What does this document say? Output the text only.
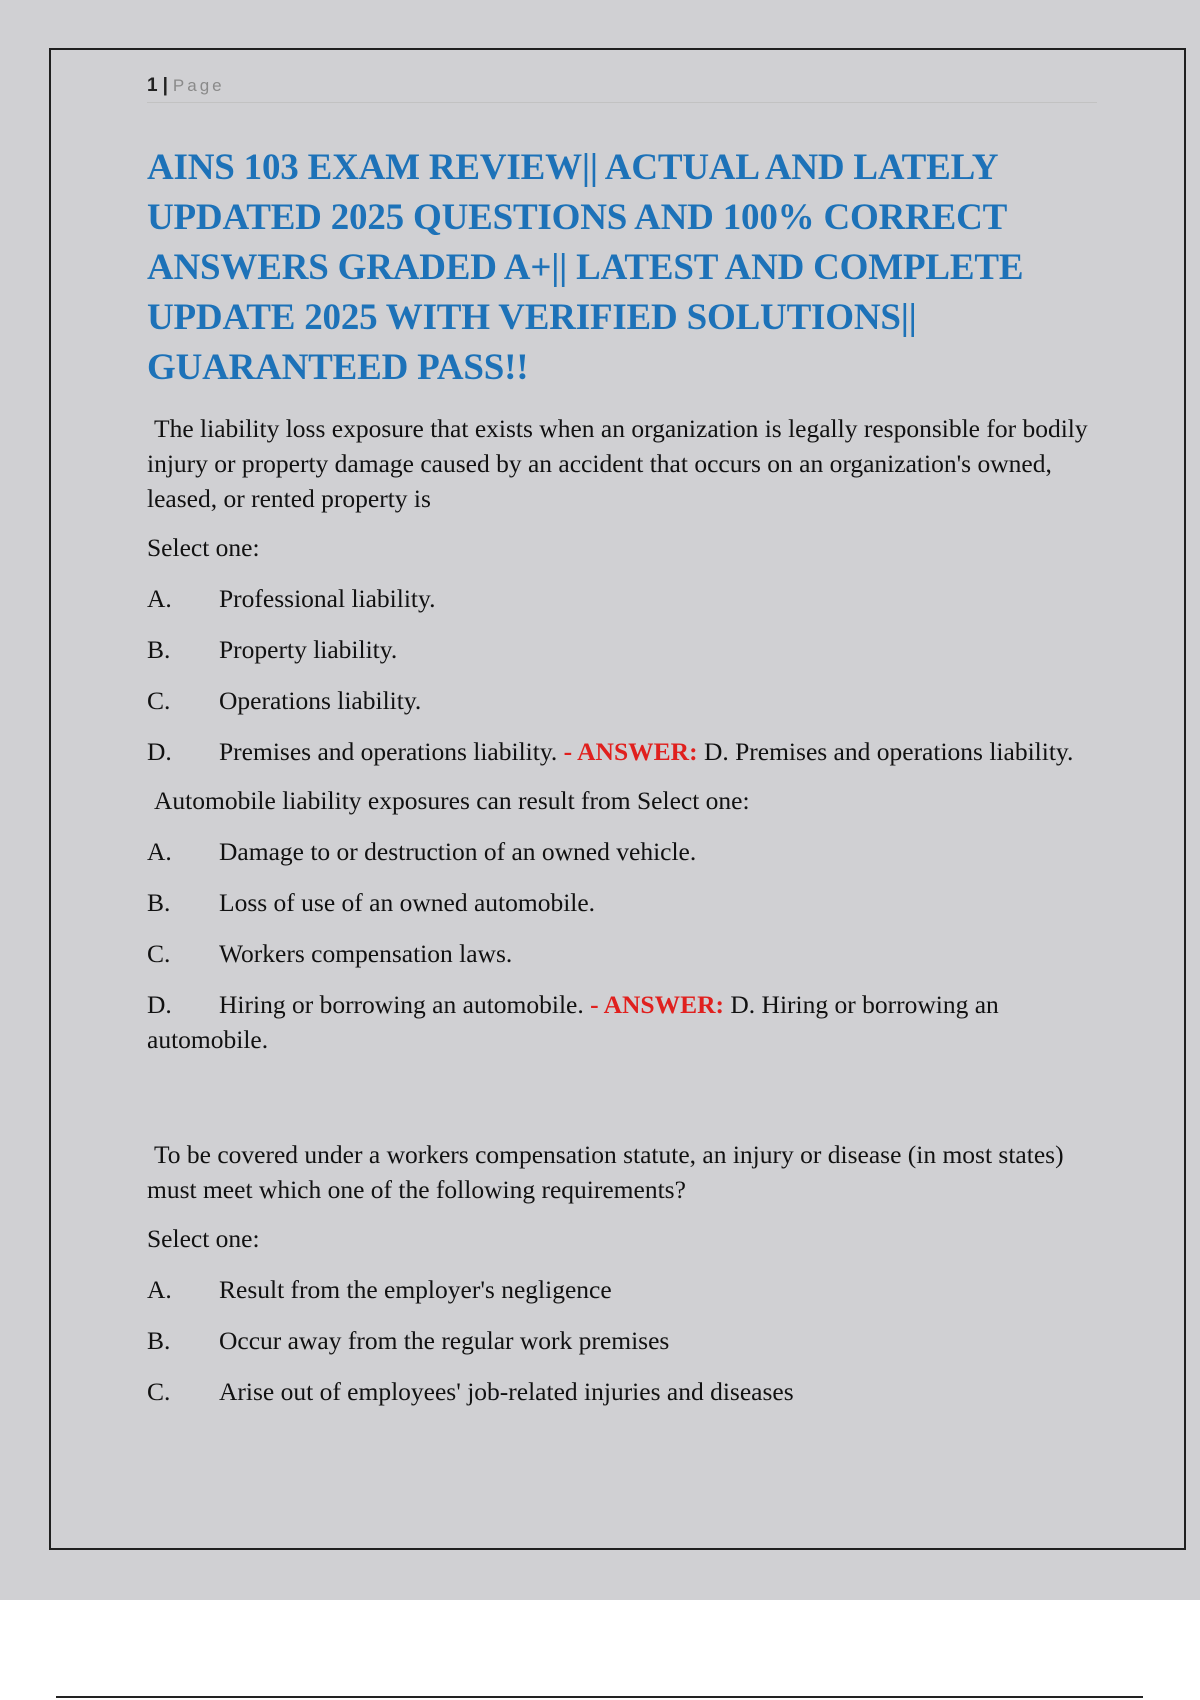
1 | Page
AINS 103 EXAM REVIEW|| ACTUAL AND LATELY UPDATED 2025 QUESTIONS AND 100% CORRECT ANSWERS GRADED A+|| LATEST AND COMPLETE UPDATE 2025 WITH VERIFIED SOLUTIONS|| GUARANTEED PASS!!

The liability loss exposure that exists when an organization is legally responsible for bodily injury or property damage caused by an accident that occurs on an organization's owned, leased, or rented property is

Select one:

A. Professional liability.
B. Property liability.
C. Operations liability.
D. Premises and operations liability. - ANSWER: D. Premises and operations liability.

Automobile liability exposures can result from Select one:

A. Damage to or destruction of an owned vehicle.
B. Loss of use of an owned automobile.
C. Workers compensation laws.
D. Hiring or borrowing an automobile. - ANSWER: D. Hiring or borrowing an automobile.

To be covered under a workers compensation statute, an injury or disease (in most states) must meet which one of the following requirements?

Select one:

A. Result from the employer's negligence
B. Occur away from the regular work premises
C. Arise out of employees' job-related injuries and diseases
